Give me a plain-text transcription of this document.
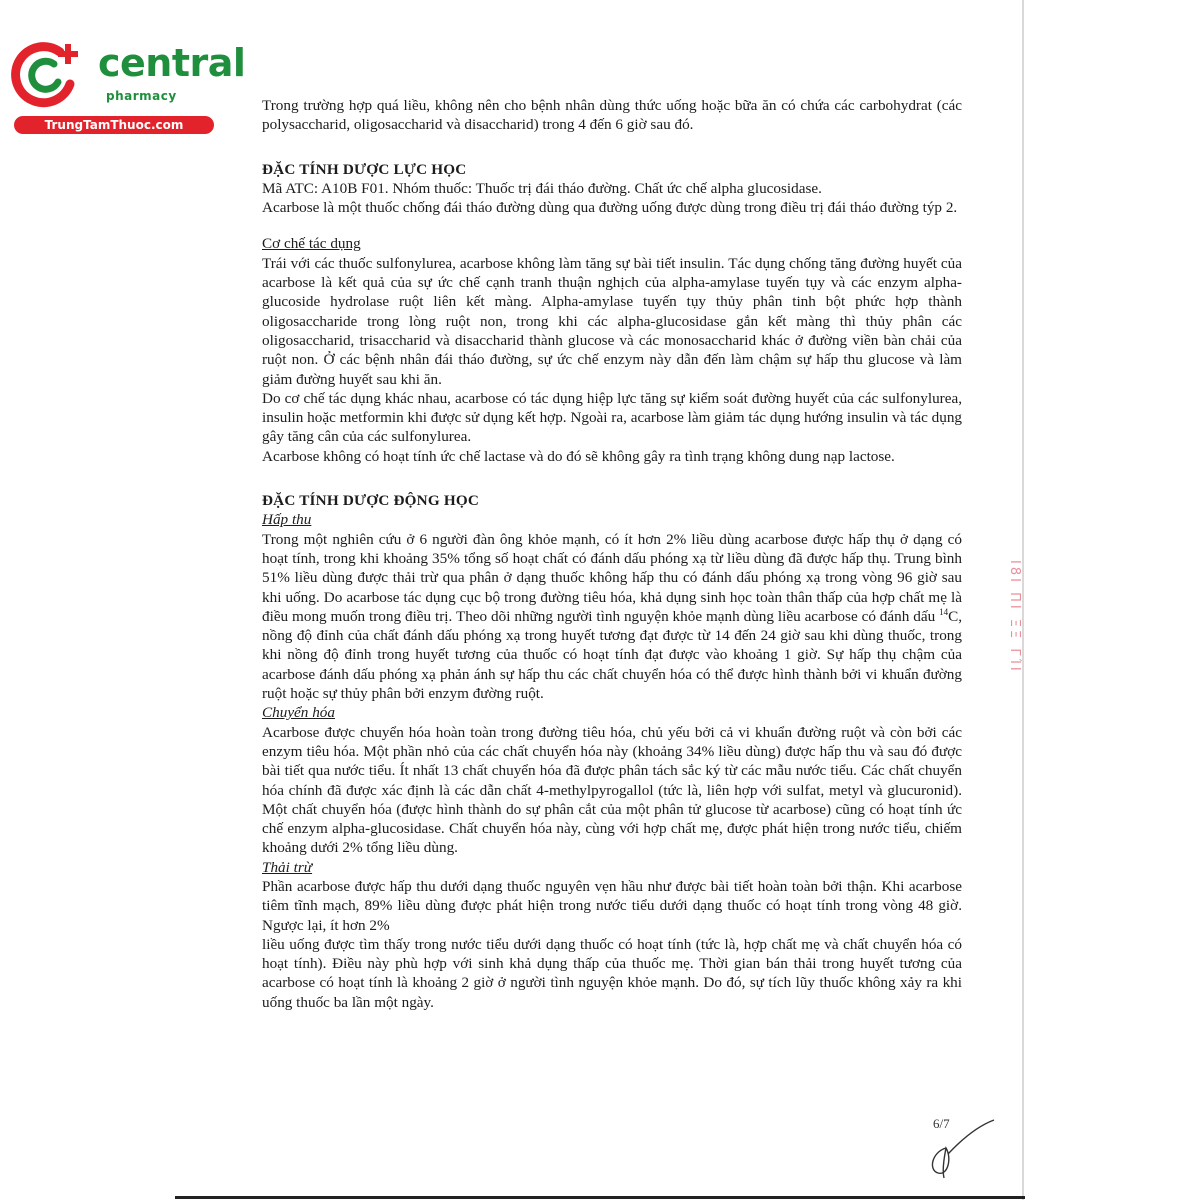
central
pharmacy
TrungTamThuoc.com

Trong trường hợp quá liều, không nên cho bệnh nhân dùng thức uống hoặc bữa ăn có chứa các carbohydrat (các polysaccharid, oligosaccharid và disaccharid) trong 4 đến 6 giờ sau đó.

ĐẶC TÍNH DƯỢC LỰC HỌC

Mã ATC: A10B F01. Nhóm thuốc: Thuốc trị đái tháo đường. Chất ức chế alpha glucosidase.

Acarbose là một thuốc chống đái tháo đường dùng qua đường uống được dùng trong điều trị đái tháo đường týp 2.

Cơ chế tác dụng

Trái với các thuốc sulfonylurea, acarbose không làm tăng sự bài tiết insulin. Tác dụng chống tăng đường huyết của acarbose là kết quả của sự ức chế cạnh tranh thuận nghịch của alpha-amylase tuyến tụy và các enzym alpha-glucoside hydrolase ruột liên kết màng. Alpha-amylase tuyến tụy thủy phân tinh bột phức hợp thành oligosaccharide trong lòng ruột non, trong khi các alpha-glucosidase gắn kết màng thì thủy phân các oligosaccharid, trisaccharid và disaccharid thành glucose và các monosaccharid khác ở đường viền bàn chải của ruột non. Ở các bệnh nhân đái tháo đường, sự ức chế enzym này dẫn đến làm chậm sự hấp thu glucose và làm giảm đường huyết sau khi ăn.

Do cơ chế tác dụng khác nhau, acarbose có tác dụng hiệp lực tăng sự kiểm soát đường huyết của các sulfonylurea, insulin hoặc metformin khi được sử dụng kết hợp. Ngoài ra, acarbose làm giảm tác dụng hướng insulin và tác dụng gây tăng cân của các sulfonylurea.

Acarbose không có hoạt tính ức chế lactase và do đó sẽ không gây ra tình trạng không dung nạp lactose.

ĐẶC TÍNH DƯỢC ĐỘNG HỌC

Hấp thu

Trong một nghiên cứu ở 6 người đàn ông khỏe mạnh, có ít hơn 2% liều dùng acarbose được hấp thụ ở dạng có hoạt tính, trong khi khoảng 35% tổng số hoạt chất có đánh dấu phóng xạ từ liều dùng đã được hấp thụ. Trung bình 51% liều dùng được thải trừ qua phân ở dạng thuốc không hấp thu có đánh dấu phóng xạ trong vòng 96 giờ sau khi uống. Do acarbose tác dụng cục bộ trong đường tiêu hóa, khả dụng sinh học toàn thân thấp của hợp chất mẹ là điều mong muốn trong điều trị. Theo dõi những người tình nguyện khỏe mạnh dùng liều acarbose có đánh dấu $^{14}$C, nồng độ đỉnh của chất đánh dấu phóng xạ trong huyết tương đạt được từ 14 đến 24 giờ sau khi dùng thuốc, trong khi nồng độ đỉnh trong huyết tương của thuốc có hoạt tính đạt được vào khoảng 1 giờ. Sự hấp thụ chậm của acarbose đánh dấu phóng xạ phản ánh sự hấp thu các chất chuyển hóa có thể được hình thành bởi vi khuẩn đường ruột hoặc sự thủy phân bởi enzym đường ruột.

Chuyển hóa

Acarbose được chuyển hóa hoàn toàn trong đường tiêu hóa, chủ yếu bởi cả vi khuẩn đường ruột và còn bởi các enzym tiêu hóa. Một phần nhỏ của các chất chuyển hóa này (khoảng 34% liều dùng) được hấp thu và sau đó được bài tiết qua nước tiểu. Ít nhất 13 chất chuyển hóa đã được phân tách sắc ký từ các mẫu nước tiểu. Các chất chuyển hóa chính đã được xác định là các dẫn chất 4-methylpyrogallol (tức là, liên hợp với sulfat, metyl và glucuronid). Một chất chuyển hóa (được hình thành do sự phân cắt của một phân tử glucose từ acarbose) cũng có hoạt tính ức chế enzym alpha-glucosidase. Chất chuyển hóa này, cùng với hợp chất mẹ, được phát hiện trong nước tiểu, chiếm khoảng dưới 2% tổng liều dùng.

Thải trừ

Phần acarbose được hấp thu dưới dạng thuốc nguyên vẹn hầu như được bài tiết hoàn toàn bởi thận. Khi acarbose tiêm tĩnh mạch, 89% liều dùng được phát hiện trong nước tiểu dưới dạng thuốc có hoạt tính trong vòng 48 giờ. Ngược lại, ít hơn 2%

liều uống được tìm thấy trong nước tiểu dưới dạng thuốc có hoạt tính (tức là, hợp chất mẹ và chất chuyển hóa có hoạt tính). Điều này phù hợp với sinh khả dụng thấp của thuốc mẹ. Thời gian bán thải trong huyết tương của acarbose có hoạt tính là khoảng 2 giờ ở người tình nguyện khỏe mạnh. Do đó, sự tích lũy thuốc không xảy ra khi uống thuốc ba lần một ngày.

Ι8Ι ΠΙ ΞΞ ΓΊΙ
6/7
